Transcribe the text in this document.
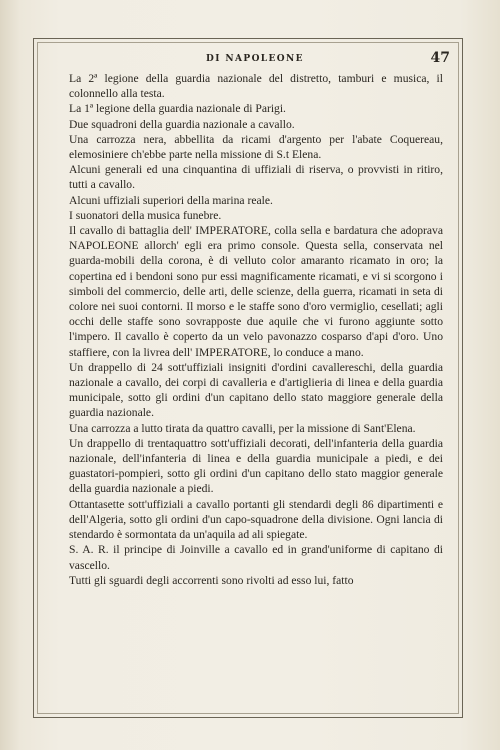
DI NAPOLEONE	47

La 2ª legione della guardia nazionale del distretto, tamburi e musica, il colonnello alla testa.

La 1ª legione della guardia nazionale di Parigi.

Due squadroni della guardia nazionale a cavallo.

Una carrozza nera, abbellita da ricami d'argento per l'abate Coquereau, elemosiniere ch'ebbe parte nella missione di S.t Elena.

Alcuni generali ed una cinquantina di uffiziali di riserva, o provvisti in ritiro, tutti a cavallo.

Alcuni uffiziali superiori della marina reale.

I suonatori della musica funebre.

Il cavallo di battaglia dell' IMPERATORE, colla sella e bardatura che adoprava NAPOLEONE allorch' egli era primo console. Questa sella, conservata nel guarda-mobili della corona, è di velluto color amaranto ricamato in oro; la copertina ed i bendoni sono pur essi magnificamente ricamati, e vi si scorgono i simboli del commercio, delle arti, delle scienze, della guerra, ricamati in seta di colore nei suoi contorni. Il morso e le staffe sono d'oro vermiglio, cesellati; agli occhi delle staffe sono sovrapposte due aquile che vi furono aggiunte sotto l'impero. Il cavallo è coperto da un velo pavonazzo cosparso d'api d'oro. Uno staffiere, con la livrea dell' IMPERATORE, lo conduce a mano.

Un drappello di 24 sott'uffiziali insigniti d'ordini cavallereschi, della guardia nazionale a cavallo, dei corpi di cavalleria e d'artiglieria di linea e della guardia municipale, sotto gli ordini d'un capitano dello stato maggiore generale della guardia nazionale.

Una carrozza a lutto tirata da quattro cavalli, per la missione di Sant'Elena.

Un drappello di trentaquattro sott'uffiziali decorati, dell'infanteria della guardia nazionale, dell'infanteria di linea e della guardia municipale a piedi, e dei guastatori-pompieri, sotto gli ordini d'un capitano dello stato maggior generale della guardia nazionale a piedi.

Ottantasette sott'uffiziali a cavallo portanti gli stendardi degli 86 dipartimenti e dell'Algeria, sotto gli ordini d'un capo-squadrone della divisione. Ogni lancia di stendardo è sormontata da un'aquila ad ali spiegate.

S. A. R. il principe di Joinville a cavallo ed in grand'uniforme di capitano di vascello.

Tutti gli sguardi degli accorrenti sono rivolti ad esso lui, fatto
